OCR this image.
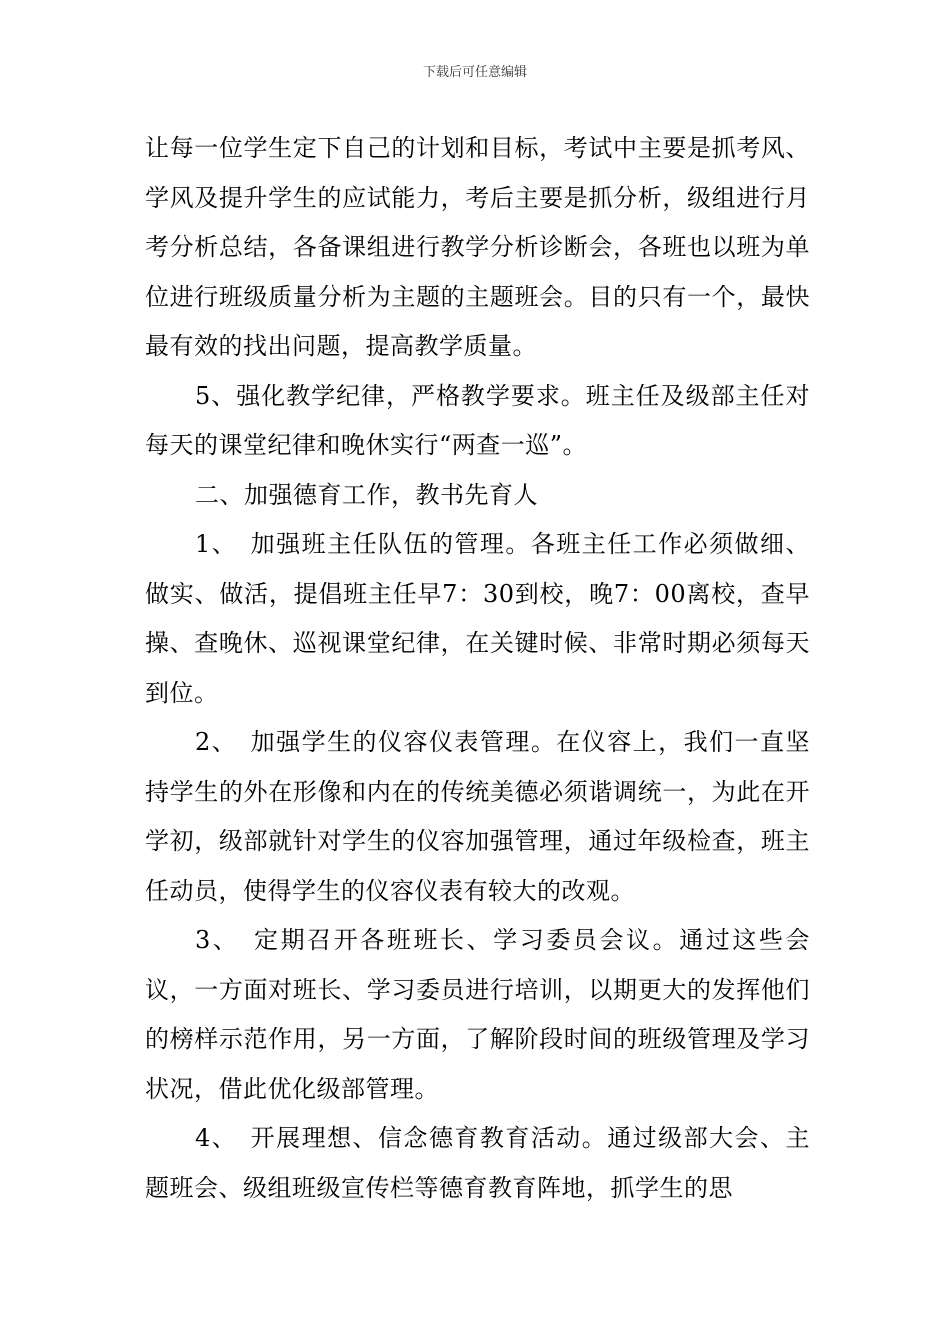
下载后可任意编辑

让每一位学生定下自己的计划和目标，考试中主要是抓考风、学风及提升学生的应试能力，考后主要是抓分析，级组进行月考分析总结，各备课组进行教学分析诊断会，各班也以班为单位进行班级质量分析为主题的主题班会。目的只有一个，最快最有效的找出问题，提高教学质量。

5、强化教学纪律，严格教学要求。班主任及级部主任对每天的课堂纪律和晚休实行“两查一巡”。

二、加强德育工作，教书先育人

1、　加强班主任队伍的管理。各班主任工作必须做细、做实、做活，提倡班主任早7：30到校，晚7：00离校，查早操、查晚休、巡视课堂纪律，在关键时候、非常时期必须每天到位。

2、　加强学生的仪容仪表管理。在仪容上，我们一直坚持学生的外在形像和内在的传统美德必须谐调统一，为此在开学初，级部就针对学生的仪容加强管理，通过年级检查，班主任动员，使得学生的仪容仪表有较大的改观。

3、　定期召开各班班长、学习委员会议。通过这些会议，一方面对班长、学习委员进行培训，以期更大的发挥他们的榜样示范作用，另一方面，了解阶段时间的班级管理及学习状况，借此优化级部管理。

4、　开展理想、信念德育教育活动。通过级部大会、主题班会、级组班级宣传栏等德育教育阵地，抓学生的思
